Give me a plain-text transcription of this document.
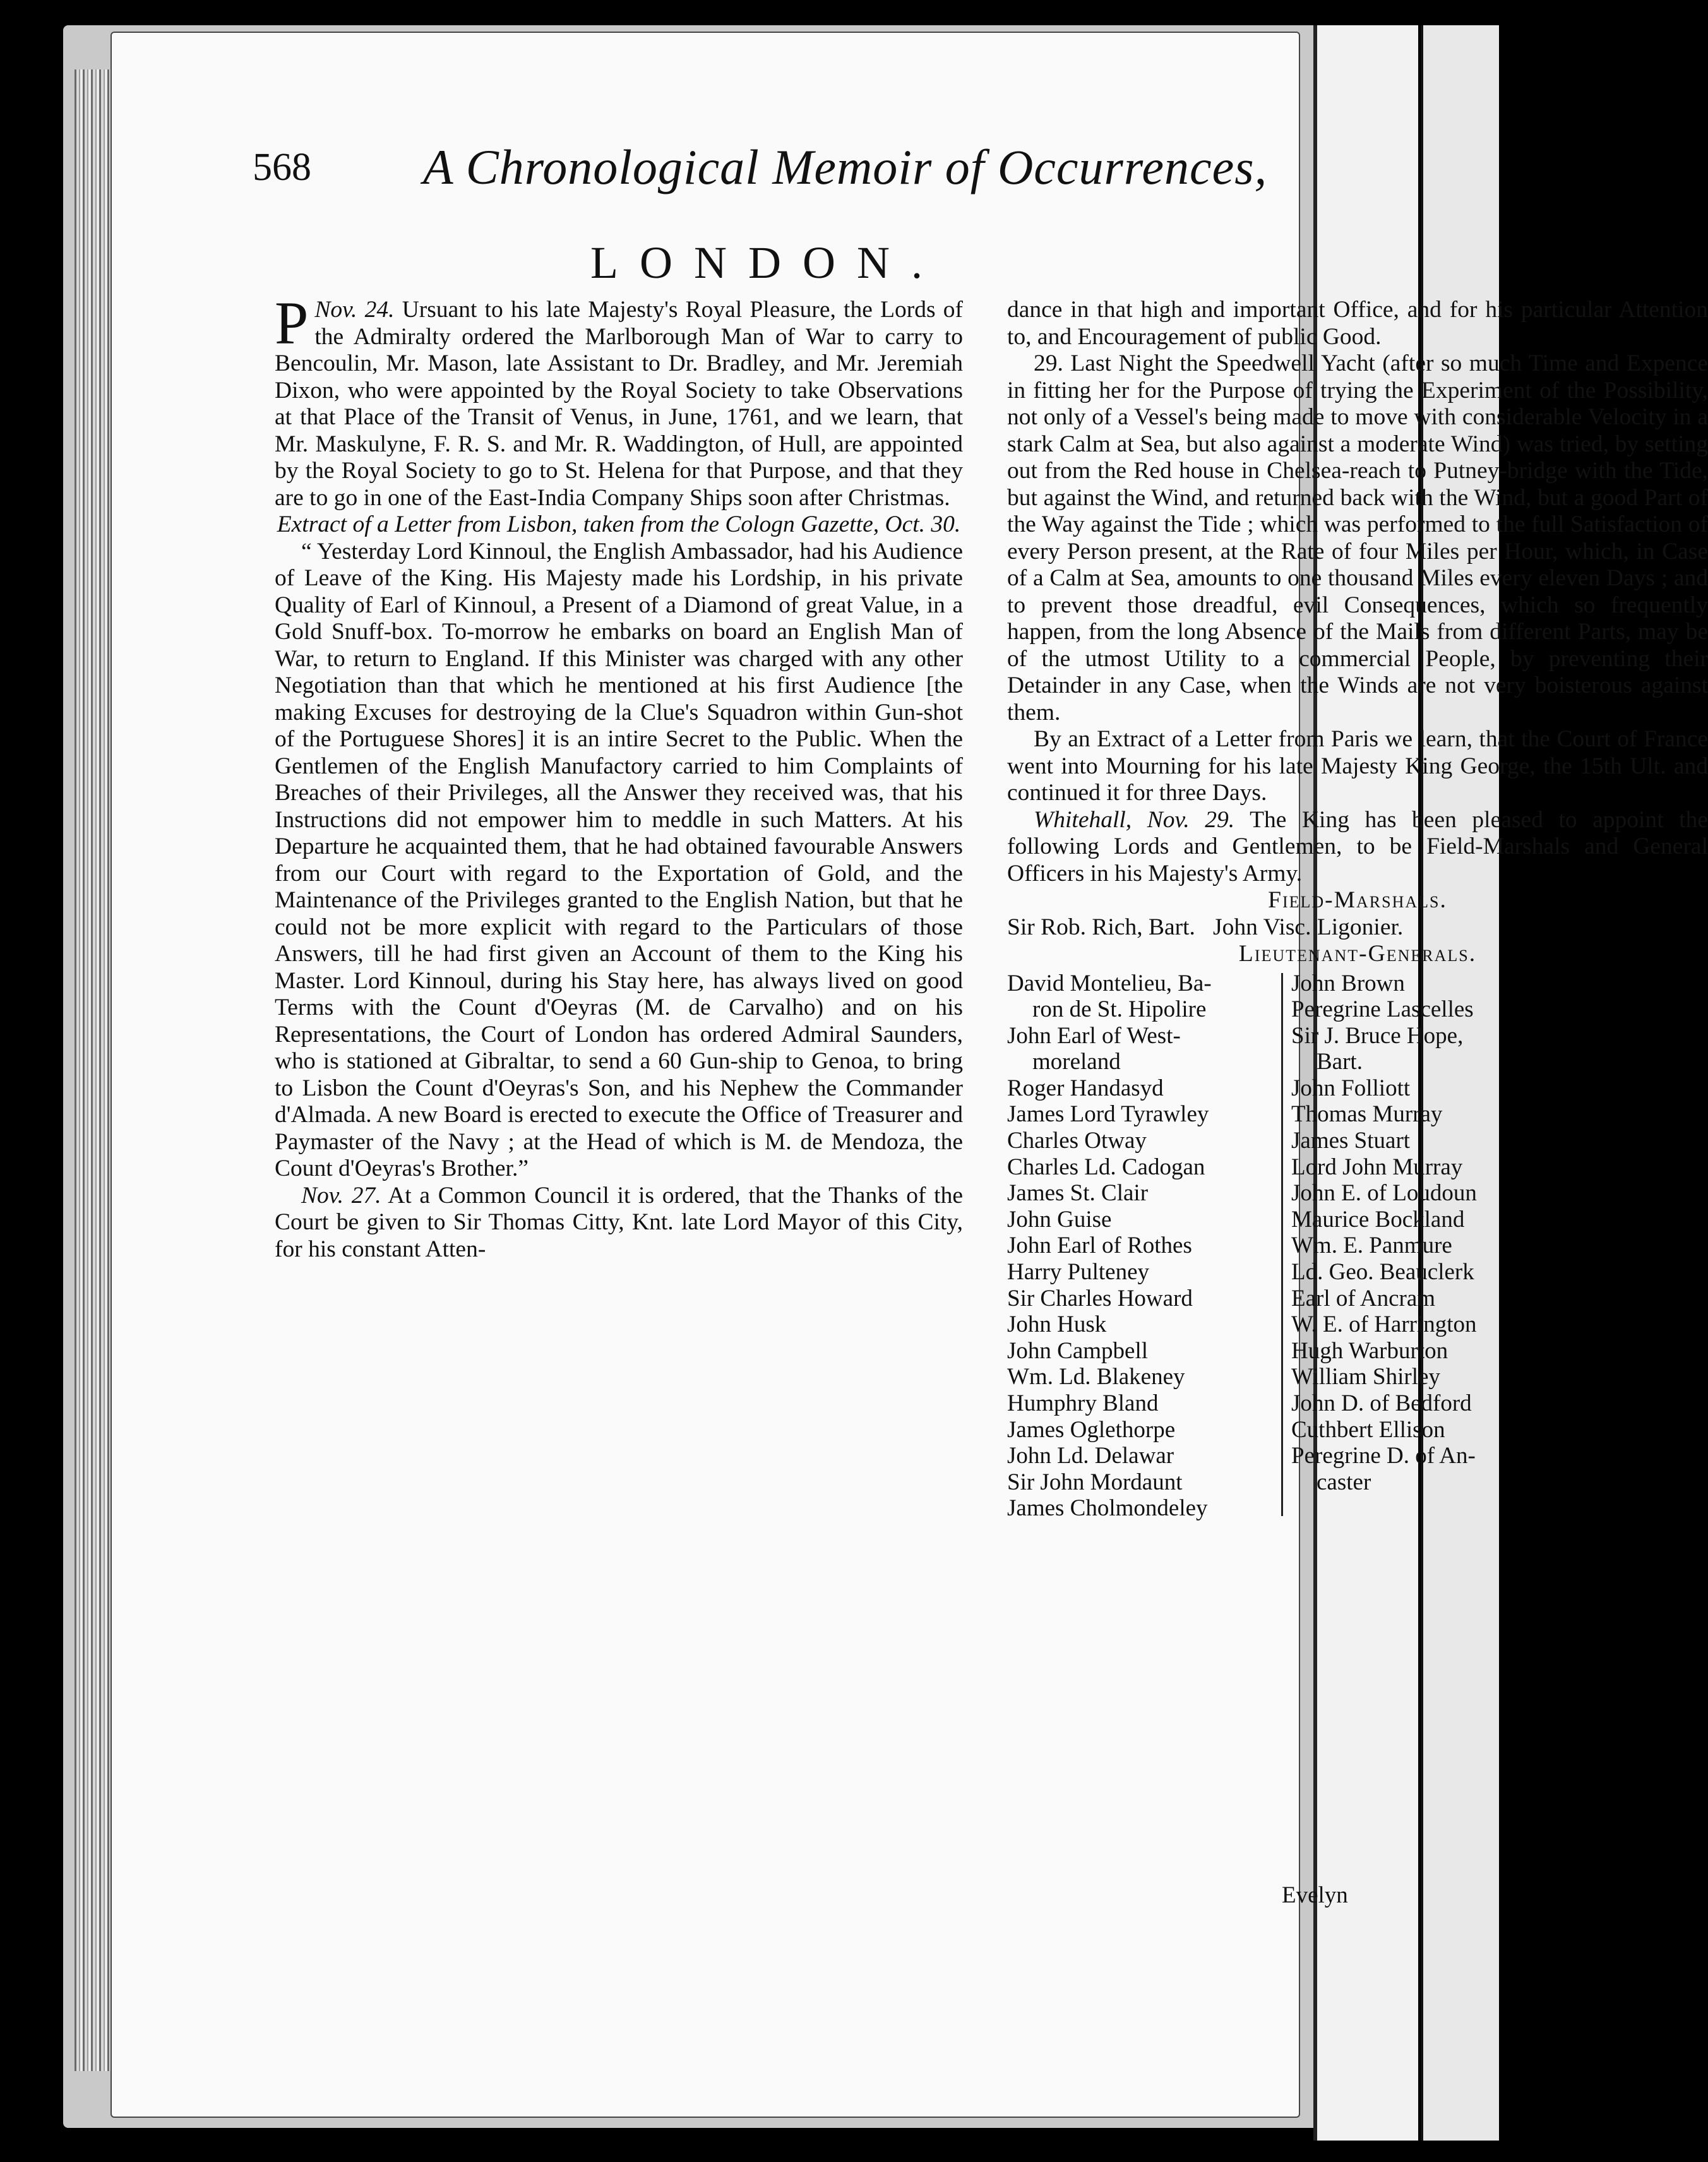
568 A Chronological Memoir of Occurrences,
LONDON.

Nov. 24.
P	Ursuant to his late Majesty's Royal Pleasure, the Lords of the Admiralty ordered the Marlborough Man of War to carry to Bencoulin, Mr. Mason, late Assistant to Dr. Bradley, and Mr. Jeremiah Dixon, who were appointed by the Royal Society to take Observations at that Place of the Transit of Venus, in June, 1761, and we learn, that Mr. Maskulyne, F. R. S. and Mr. R. Waddington, of Hull, are appointed by the Royal Society to go to St. Helena for that Purpose, and that they are to go in one of the East-India Company Ships soon after Christmas.

Extract of a Letter from Lisbon, taken from the Cologn Gazette, Oct. 30.

“ Yesterday Lord Kinnoul, the English Ambassador, had his Audience of Leave of the King. His Majesty made his Lordship, in his private Quality of Earl of Kinnoul, a Present of a Diamond of great Value, in a Gold Snuff-box. To-morrow he embarks on board an English Man of War, to return to England. If this Minister was charged with any other Negotiation than that which he mentioned at his first Audience [the making Excuses for destroying de la Clue's Squadron within Gun-shot of the Portuguese Shores] it is an intire Secret to the Public. When the Gentlemen of the English Manufactory carried to him Complaints of Breaches of their Privileges, all the Answer they received was, that his Instructions did not empower him to meddle in such Matters. At his Departure he acquainted them, that he had obtained favourable Answers from our Court with regard to the Exportation of Gold, and the Maintenance of the Privileges granted to the English Nation, but that he could not be more explicit with regard to the Particulars of those Answers, till he had first given an Account of them to the King his Master. Lord Kinnoul, during his Stay here, has always lived on good Terms with the Count d'Oeyras (M. de Carvalho) and on his Representations, the Court of London has ordered Admiral Saunders, who is stationed at Gibraltar, to send a 60 Gun-ship to Genoa, to bring to Lisbon the Count d'Oeyras's Son, and his Nephew the Commander d'Almada. A new Board is erected to execute the Office of Treasurer and Paymaster of the Navy ; at the Head of which is M. de Mendoza, the Count d'Oeyras's Brother.”

Nov. 27. At a Common Council it is ordered, that the Thanks of the Court be given to Sir Thomas Citty, Knt. late Lord Mayor of this City, for his constant Atten-

dance in that high and important Office, and for his particular Attention to, and Encouragement of public Good.

29. Last Night the Speedwell Yacht (after so much Time and Expence in fitting her for the Purpose of trying the Experiment of the Possibility, not only of a Vessel's being made to move with considerable Velocity in a stark Calm at Sea, but also against a moderate Wind) was tried, by setting out from the Red house in Chelsea-reach to Putney-bridge with the Tide, but against the Wind, and returned back with the Wind, but a good Part of the Way against the Tide ; which was performed to the full Satisfaction of every Person present, at the Rate of four Miles per Hour, which, in Case of a Calm at Sea, amounts to one thousand Miles every eleven Days ; and to prevent those dreadful, evil Consequences, which so frequently happen, from the long Absence of the Mails from different Parts, may be of the utmost Utility to a commercial People, by preventing their Detainder in any Case, when the Winds are not very boisterous against them.

By an Extract of a Letter from Paris we learn, that the Court of France went into Mourning for his late Majesty King George, the 15th Ult. and continued it for three Days.

Whitehall, Nov. 29. The King has been pleased to appoint the following Lords and Gentlemen, to be Field-Marshals and General Officers in his Majesty's Army.

Field-Marshals.

Sir Rob. Rich, Bart. John Visc. Ligonier.

Lieutenant-Generals.

David Montelieu, Ba-

ron de St. Hipolire
John Earl of West-

moreland
Roger Handasyd
James Lord Tyrawley
Charles Otway
Charles Ld. Cadogan
James St. Clair
John Guise
John Earl of Rothes
Harry Pulteney
Sir Charles Howard
John Husk
John Campbell
Wm. Ld. Blakeney
Humphry Bland
James Oglethorpe
John Ld. Delawar
Sir John Mordaunt
James Cholmondeley
John Brown
Peregrine Lascelles
Sir J. Bruce Hope,

Bart.
John Folliott
Thomas Murray
James Stuart
Lord John Murray
John E. of Loudoun
Maurice Bockland
Wm. E. Panmure
Ld. Geo. Beauclerk
Earl of Ancram
W. E. of Harrington
Hugh Warburton
William Shirley
John D. of Bedford
Cuthbert Ellison
Peregrine D. of An-

caster
Evelyn
